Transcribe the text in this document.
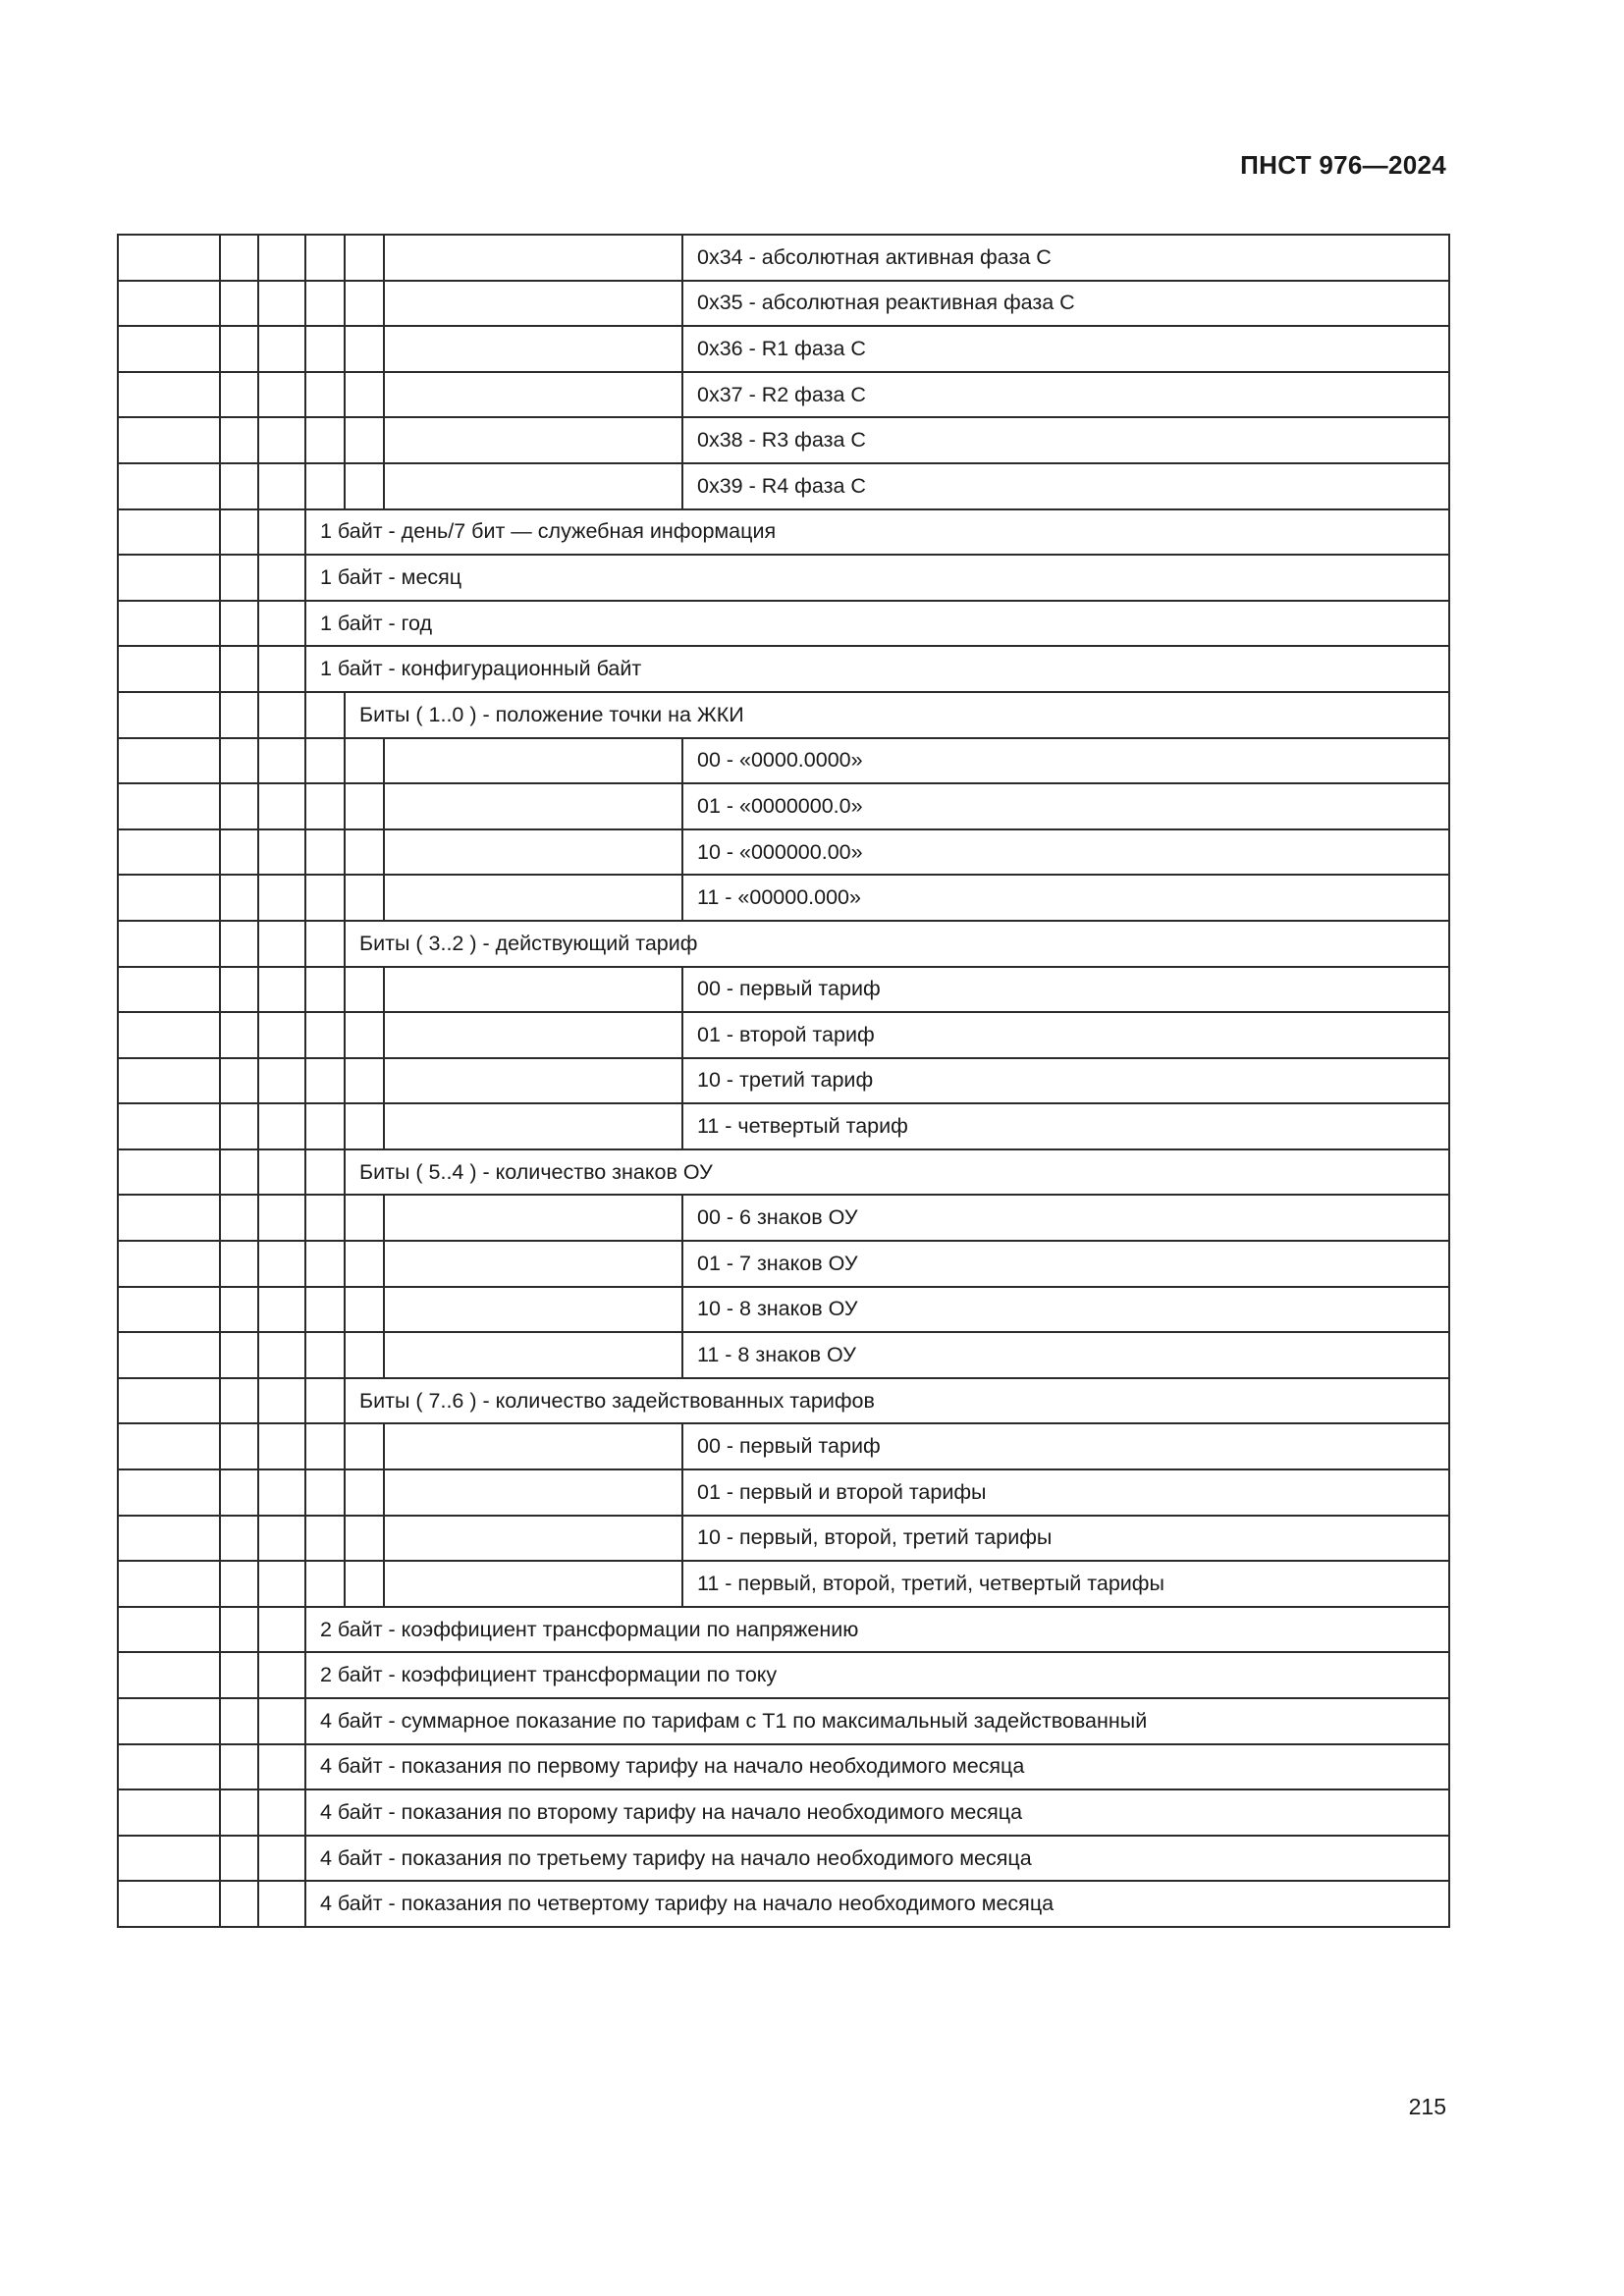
ПНСТ 976—2024
						0x34 - абсолютная активная фаза С
						0x35 - абсолютная реактивная фаза С
						0x36 - R1 фаза С
						0x37 - R2 фаза С
						0x38 - R3 фаза С
						0x39 - R4 фаза С
			1 байт - день/7 бит — служебная информация			
			1 байт - месяц			
			1 байт - год			
			1 байт - конфигурационный байт			
				Биты ( 1..0 ) - положение точки на ЖКИ		
						00 - «0000.0000»
						01 - «0000000.0»
						10 - «000000.00»
						11 - «00000.000»
				Биты ( 3..2 ) - действующий тариф		
						00 - первый тариф
						01 - второй тариф
						10 - третий тариф
						11 - четвертый тариф
				Биты ( 5..4 ) - количество знаков ОУ		
						00 - 6 знаков ОУ
						01 - 7 знаков ОУ
						10 - 8 знаков ОУ
						11 - 8 знаков ОУ
				Биты ( 7..6 ) - количество задействованных тарифов		
						00 - первый тариф
						01 - первый и второй тарифы
						10 - первый, второй, третий тарифы
						11 - первый, второй, третий, четвертый тарифы
			2 байт - коэффициент трансформации по напряжению			
			2 байт - коэффициент трансформации по току			
			4 байт - суммарное показание по тарифам с Т1 по максимальный задействованный			
			4 байт - показания по первому тарифу на начало необходимого месяца			
			4 байт - показания по второму тарифу на начало необходимого месяца			
			4 байт - показания по третьему тарифу на начало необходимого месяца			
			4 байт - показания по четвертому тарифу на начало необходимого месяца			
215
